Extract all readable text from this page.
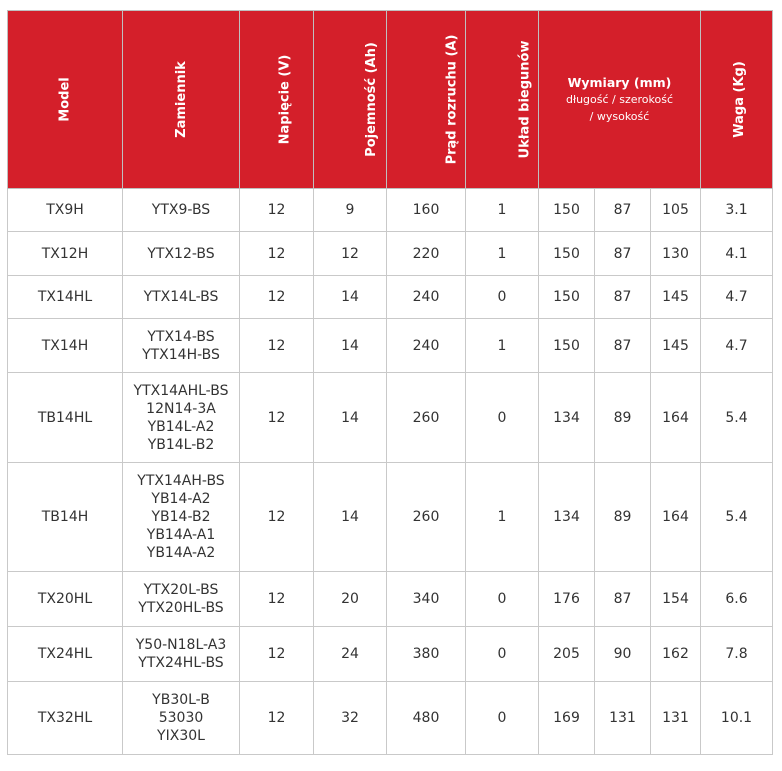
Model	Zamiennik	Napięcie (V)	Pojemność (Ah)	Prąd rozruchu (A)	Układ biegunów	Wymiary (mm)
długość / szerokość
/ wysokość			Waga (Kg)
TX9H	YTX9-BS	12	9	160	1	150	87	105	3.1
TX12H	YTX12-BS	12	12	220	1	150	87	130	4.1
TX14HL	YTX14L-BS	12	14	240	0	150	87	145	4.7
TX14H	YTX14-BS
YTX14H-BS	12	14	240	1	150	87	145	4.7
TB14HL	YTX14AHL-BS
12N14-3A
YB14L-A2
YB14L-B2	12	14	260	0	134	89	164	5.4
TB14H	YTX14AH-BS
YB14-A2
YB14-B2
YB14A-A1
YB14A-A2	12	14	260	1	134	89	164	5.4
TX20HL	YTX20L-BS
YTX20HL-BS	12	20	340	0	176	87	154	6.6
TX24HL	Y50-N18L-A3
YTX24HL-BS	12	24	380	0	205	90	162	7.8
TX32HL	YB30L-B
53030
YIX30L	12	32	480	0	169	131	131	10.1
